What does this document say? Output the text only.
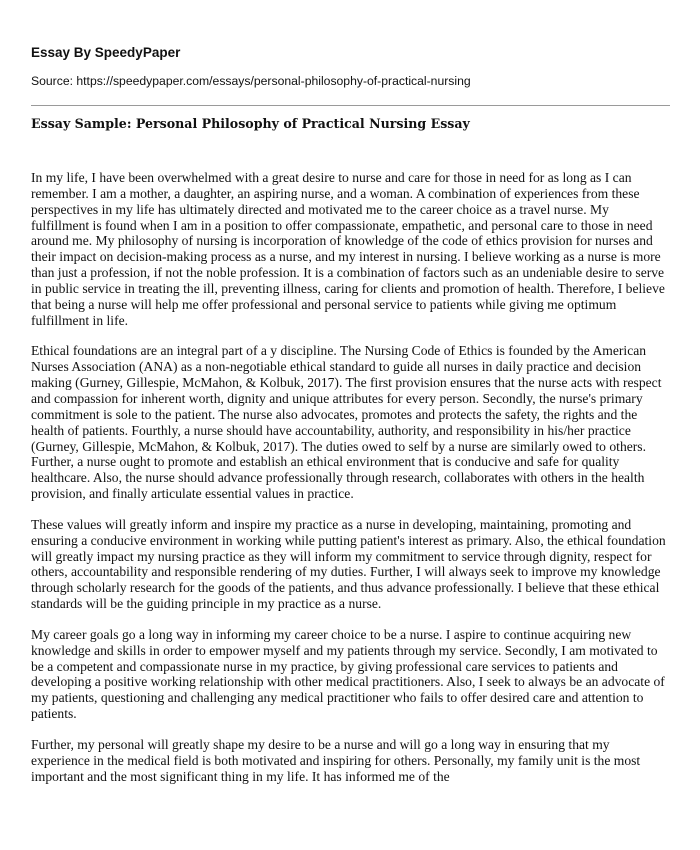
Essay By SpeedyPaper
Source: https://speedypaper.com/essays/personal-philosophy-of-practical-nursing
Essay Sample: Personal Philosophy of Practical Nursing Essay

In my life, I have been overwhelmed with a great desire to nurse and care for those in need for as long as I can remember. I am a mother, a daughter, an aspiring nurse, and a woman. A combination of experiences from these perspectives in my life has ultimately directed and motivated me to the career choice as a travel nurse. My fulfillment is found when I am in a position to offer compassionate, empathetic, and personal care to those in need around me. My philosophy of nursing is incorporation of knowledge of the code of ethics provision for nurses and their impact on decision-making process as a nurse, and my interest in nursing. I believe working as a nurse is more than just a profession, if not the noble profession. It is a combination of factors such as an undeniable desire to serve in public service in treating the ill, preventing illness, caring for clients and promotion of health. Therefore, I believe that being a nurse will help me offer professional and personal service to patients while giving me optimum fulfillment in life.

Ethical foundations are an integral part of a y discipline. The Nursing Code of Ethics is founded by the American Nurses Association (ANA) as a non-negotiable ethical standard to guide all nurses in daily practice and decision making (Gurney, Gillespie, McMahon, & Kolbuk, 2017). The first provision ensures that the nurse acts with respect and compassion for inherent worth, dignity and unique attributes for every person. Secondly, the nurse's primary commitment is sole to the patient. The nurse also advocates, promotes and protects the safety, the rights and the health of patients. Fourthly, a nurse should have accountability, authority, and responsibility in his/her practice (Gurney, Gillespie, McMahon, & Kolbuk, 2017). The duties owed to self by a nurse are similarly owed to others. Further, a nurse ought to promote and establish an ethical environment that is conducive and safe for quality healthcare. Also, the nurse should advance professionally through research, collaborates with others in the health provision, and finally articulate essential values in practice.

These values will greatly inform and inspire my practice as a nurse in developing, maintaining, promoting and ensuring a conducive environment in working while putting patient's interest as primary. Also, the ethical foundation will greatly impact my nursing practice as they will inform my commitment to service through dignity, respect for others, accountability and responsible rendering of my duties. Further, I will always seek to improve my knowledge through scholarly research for the goods of the patients, and thus advance professionally. I believe that these ethical standards will be the guiding principle in my practice as a nurse.

My career goals go a long way in informing my career choice to be a nurse. I aspire to continue acquiring new knowledge and skills in order to empower myself and my patients through my service. Secondly, I am motivated to be a competent and compassionate nurse in my practice, by giving professional care services to patients and developing a positive working relationship with other medical practitioners. Also, I seek to always be an advocate of my patients, questioning and challenging any medical practitioner who fails to offer desired care and attention to patients.

Further, my personal will greatly shape my desire to be a nurse and will go a long way in ensuring that my experience in the medical field is both motivated and inspiring for others. Personally, my family unit is the most important and the most significant thing in my life. It has informed me of the
